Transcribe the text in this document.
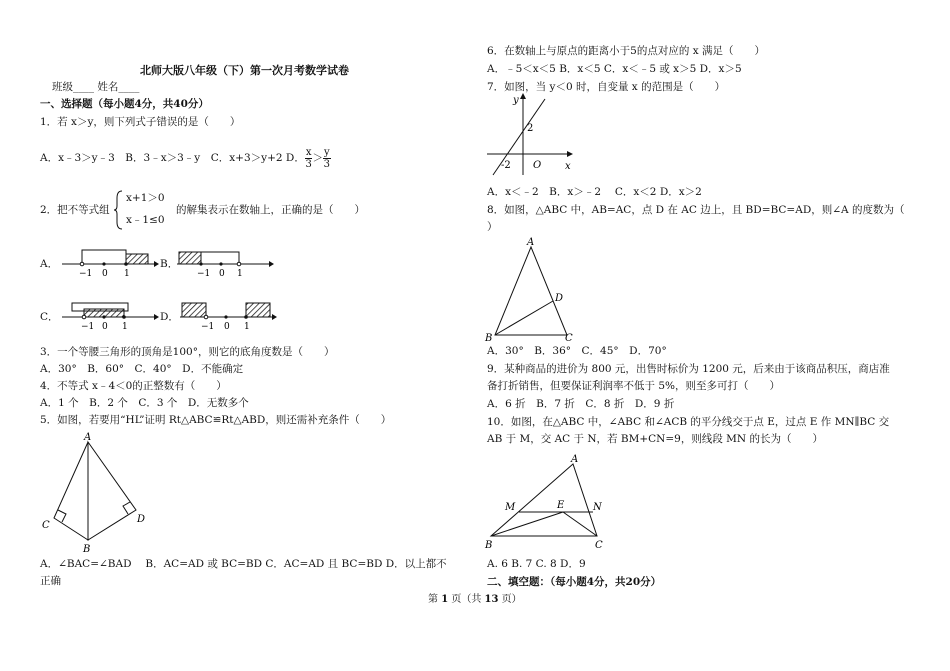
北师大版八年级（下）第一次月考数学试卷
班级____ 姓名____
一、选择题（每小题4分，共40分）
1．若 x＞y，则下列式子错误的是（　　）
A．x﹣3＞y﹣3　B．3﹣x＞3﹣y　C．x+3＞y+2 D． $\frac{x}{3} > \frac{y}{3}$
2．把不等式组
x+1＞0
x﹣1≤0
的解集表示在数轴上，正确的是（　　）
A．
−1 0 1
B．
−1 0 1
C．
−1 0 1
D．
−1 0 1
3．一个等腰三角形的顶角是100°，则它的底角度数是（　　）
A．30°　B．60°　C．40°　D．不能确定
4．不等式 x﹣4＜0的正整数有（　　）
A．1 个　B．2 个　C．3 个　D．无数多个
5．如图，若要用“HL”证明 Rt△ABC≌Rt△ABD，则还需补充条件（　　）
A
B
C
D
A．∠BAC=∠BAD　 B．AC=AD 或 BC=BD C．AC=AD 且 BC=BD D．以上都不
正确
6．在数轴上与原点的距离小于5的点对应的 x 满足（　　）
A．﹣5＜x＜5 B．x＜5 C．x＜﹣5 或 x＞5 D．x＞5
7．如图，当 y＜0 时，自变量 x 的范围是（　　）
y
x
O
2
-2
A．x＜﹣2　B．x＞﹣2　 C．x＜2 D．x＞2
8．如图，△ABC 中，AB=AC，点 D 在 AC 边上，且 BD=BC=AD，则∠A 的度数为（
）
A
B	C
D
A．30°　B．36°　C．45°　D．70°
9．某种商品的进价为 800 元，出售时标价为 1200 元，后来由于该商品积压，商店准
备打折销售，但要保证利润率不低于 5%，则至多可打（　　）
A．6 折　B．7 折　C．8 折　D．9 折
10．如图，在△ABC 中，∠ABC 和∠ACB 的平分线交于点 E，过点 E 作 MN∥BC 交
AB 于 M，交 AC 于 N，若 BM+CN=9，则线段 MN 的长为（　　）
A
B	C
M	N
E
A. 6 B. 7 C. 8 D．9
二、填空题：（每小题4分，共20分）
第 1 页（共 13 页）
